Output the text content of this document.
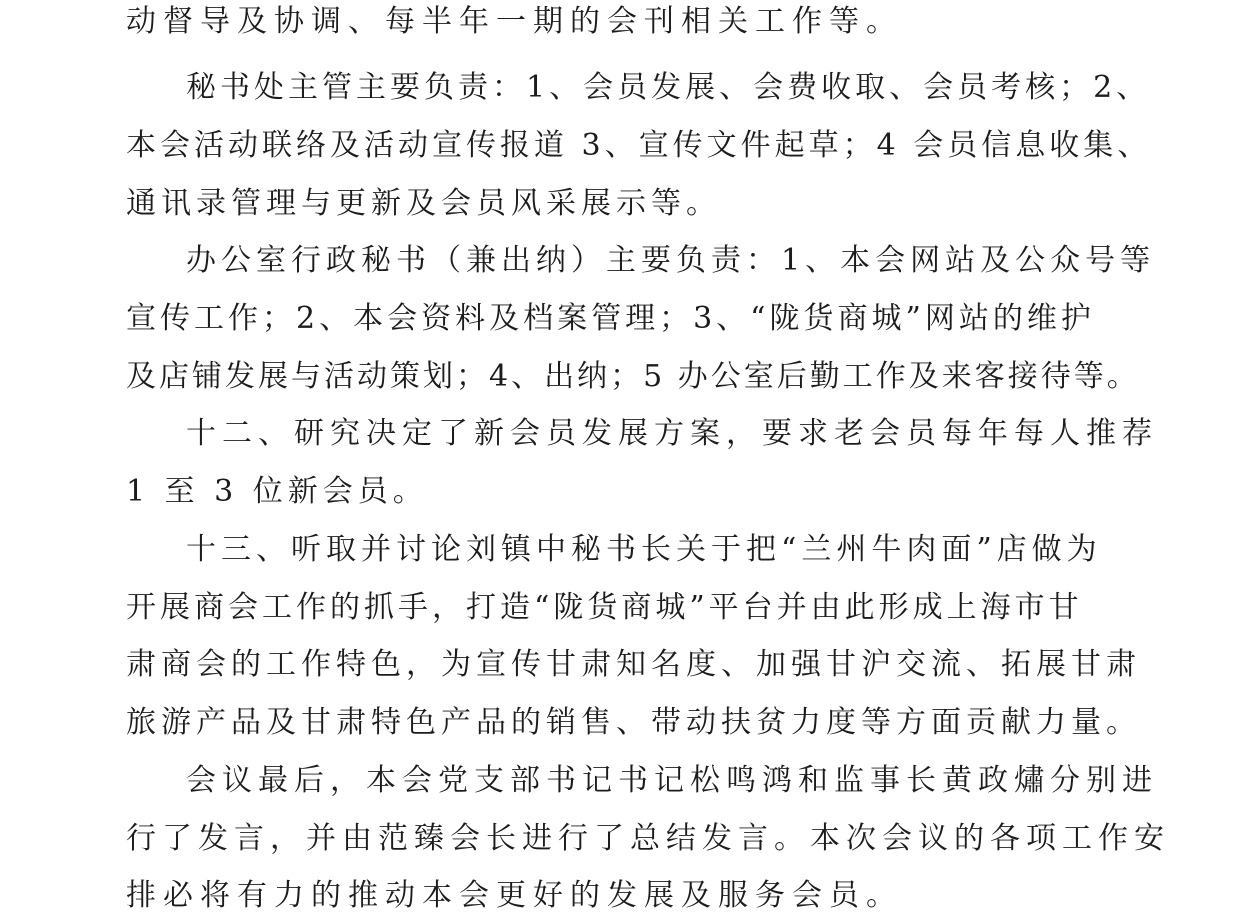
动督导及协调、每半年一期的会刊相关工作等。
秘书处主管主要负责：1、会员发展、会费收取、会员考核；2、
本会活动联络及活动宣传报道 3、宣传文件起草；4 会员信息收集、
通讯录管理与更新及会员风采展示等。
办公室行政秘书（兼出纳）主要负责：1、本会网站及公众号等
宣传工作；2、本会资料及档案管理；3、“陇货商城”网站的维护
及店铺发展与活动策划；4、出纳；5 办公室后勤工作及来客接待等。
十二、研究决定了新会员发展方案，要求老会员每年每人推荐
1 至 3 位新会员。
十三、听取并讨论刘镇中秘书长关于把“兰州牛肉面”店做为
开展商会工作的抓手，打造“陇货商城”平台并由此形成上海市甘
肃商会的工作特色，为宣传甘肃知名度、加强甘沪交流、拓展甘肃
旅游产品及甘肃特色产品的销售、带动扶贫力度等方面贡献力量。
会议最后，本会党支部书记书记松鸣鸿和监事长黄政熽分别进
行了发言，并由范臻会长进行了总结发言。本次会议的各项工作安
排必将有力的推动本会更好的发展及服务会员。
